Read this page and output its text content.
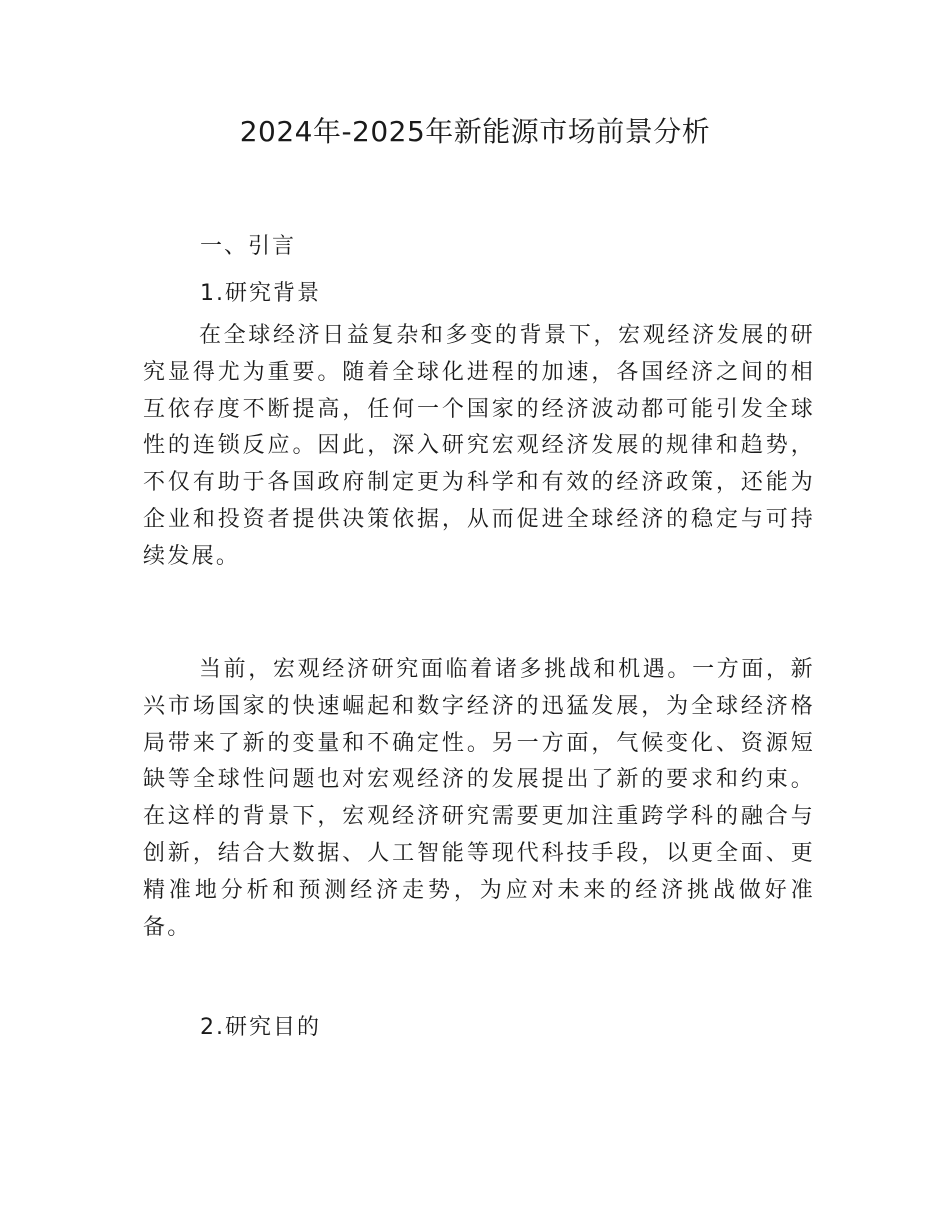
2024年-2025年新能源市场前景分析
一、引言
1.研究背景

在全球经济日益复杂和多变的背景下，宏观经济发展的研究显得尤为重要。随着全球化进程的加速，各国经济之间的相互依存度不断提高，任何一个国家的经济波动都可能引发全球性的连锁反应。因此，深入研究宏观经济发展的规律和趋势，不仅有助于各国政府制定更为科学和有效的经济政策，还能为企业和投资者提供决策依据，从而促进全球经济的稳定与可持续发展。

当前，宏观经济研究面临着诸多挑战和机遇。一方面，新兴市场国家的快速崛起和数字经济的迅猛发展，为全球经济格局带来了新的变量和不确定性。另一方面，气候变化、资源短缺等全球性问题也对宏观经济的发展提出了新的要求和约束。在这样的背景下，宏观经济研究需要更加注重跨学科的融合与创新，结合大数据、人工智能等现代科技手段，以更全面、更精准地分析和预测经济走势，为应对未来的经济挑战做好准备。

2.研究目的
